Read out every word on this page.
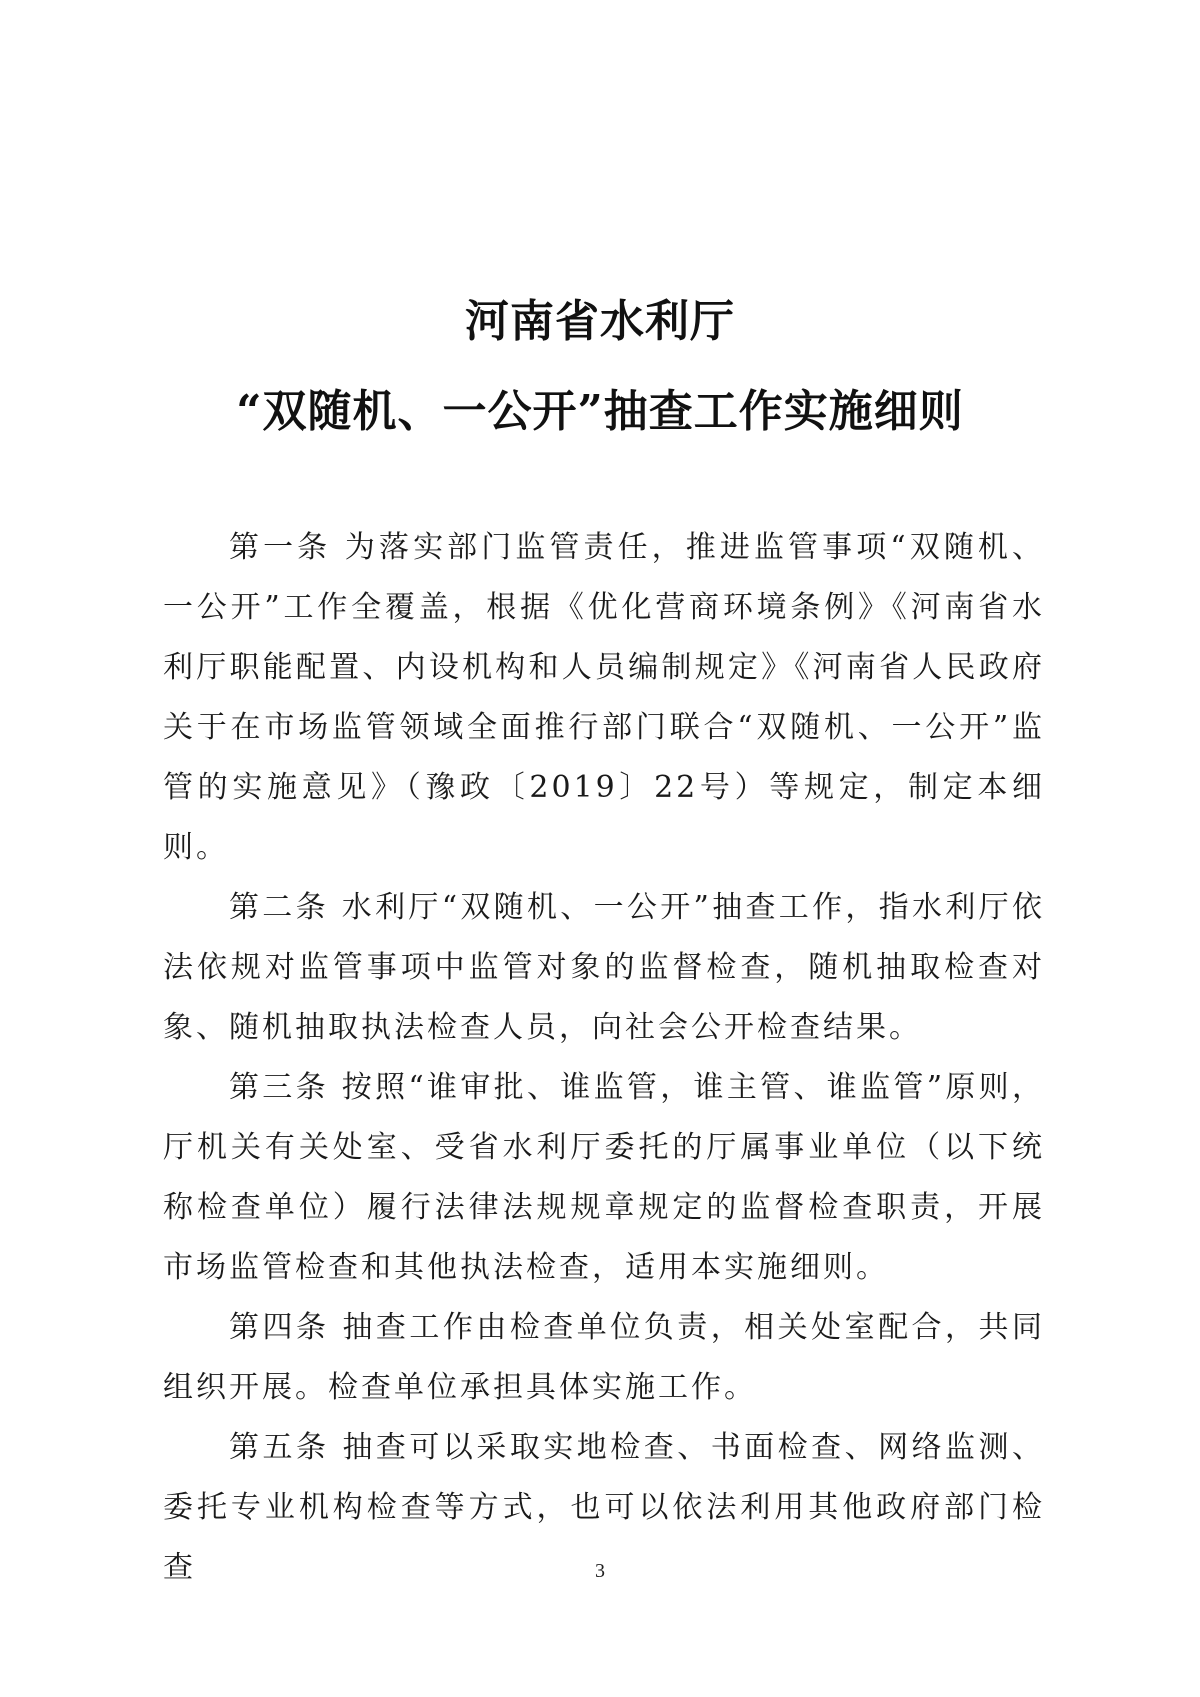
河南省水利厅
“双随机、一公开”抽查工作实施细则

第一条 为落实部门监管责任，推进监管事项“双随机、一公开”工作全覆盖，根据《优化营商环境条例》《河南省水利厅职能配置、内设机构和人员编制规定》《河南省人民政府关于在市场监管领域全面推行部门联合“双随机、一公开”监管的实施意见》（豫政〔2019〕22号）等规定，制定本细则。

第二条 水利厅“双随机、一公开”抽查工作，指水利厅依法依规对监管事项中监管对象的监督检查，随机抽取检查对象、随机抽取执法检查人员，向社会公开检查结果。

第三条 按照“谁审批、谁监管，谁主管、谁监管”原则，厅机关有关处室、受省水利厅委托的厅属事业单位（以下统称检查单位）履行法律法规规章规定的监督检查职责，开展市场监管检查和其他执法检查，适用本实施细则。

第四条 抽查工作由检查单位负责，相关处室配合，共同组织开展。检查单位承担具体实施工作。

第五条 抽查可以采取实地检查、书面检查、网络监测、委托专业机构检查等方式，也可以依法利用其他政府部门检查	3
